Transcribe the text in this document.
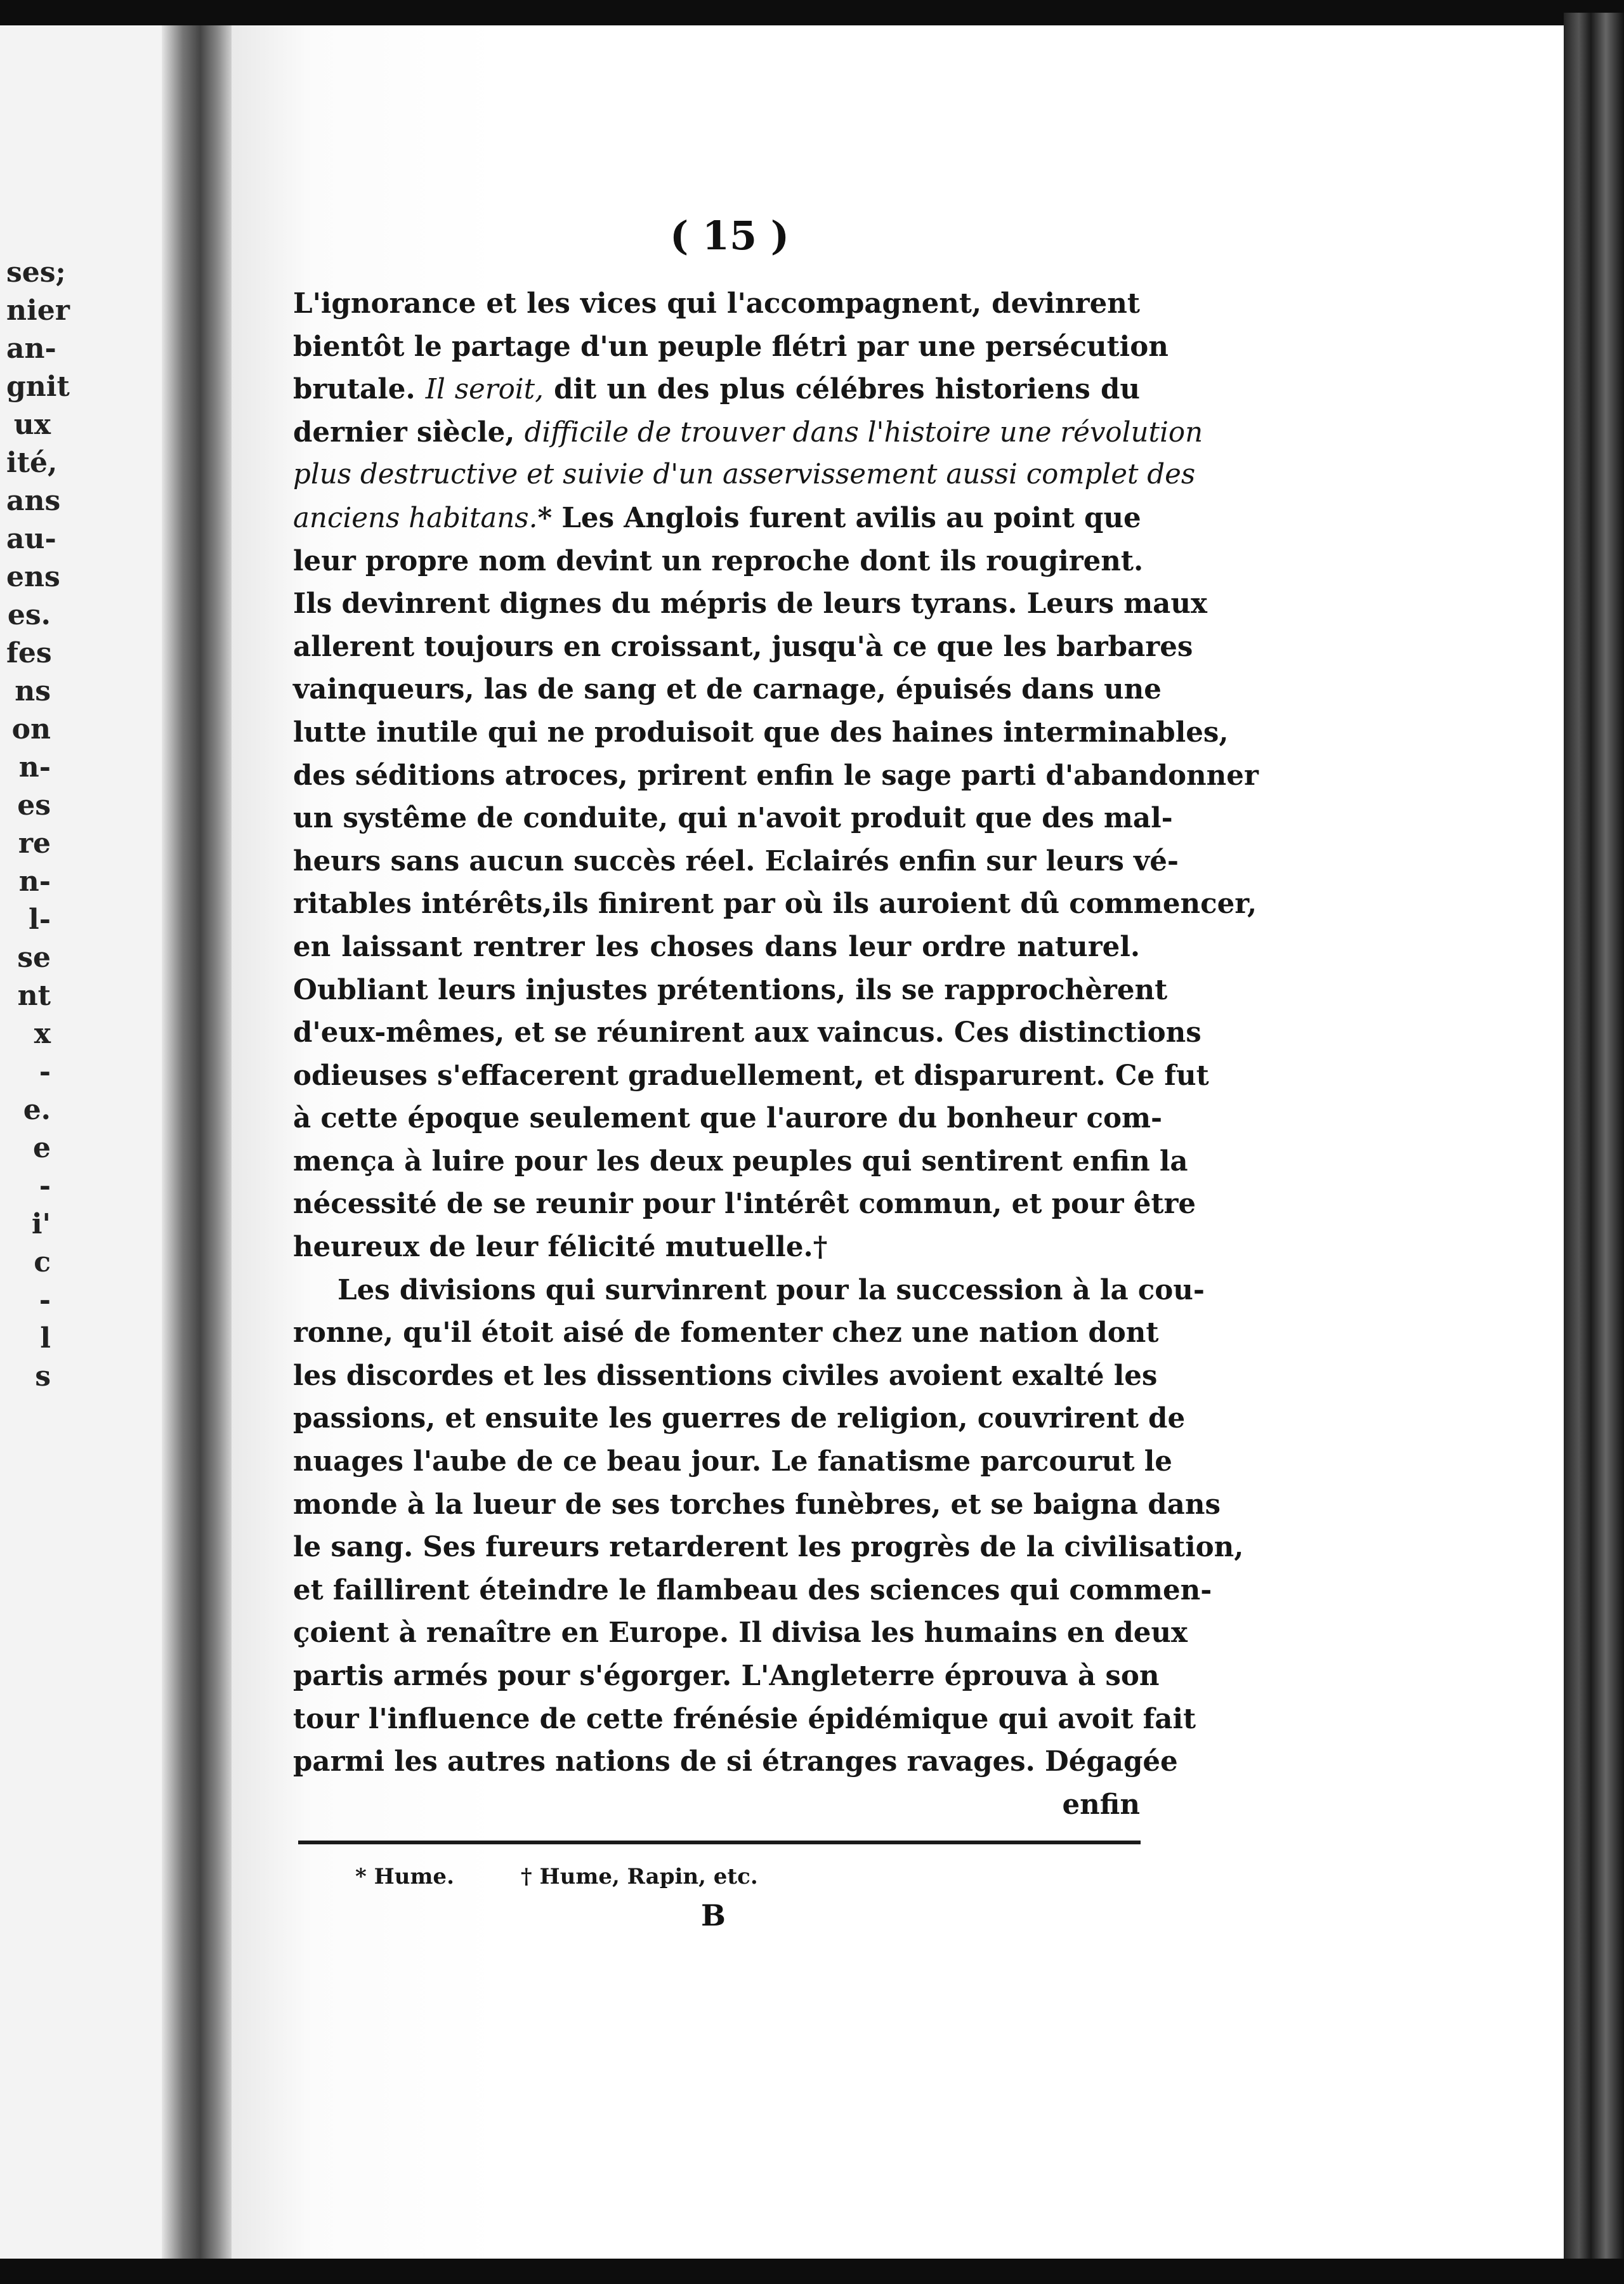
ses;
nier
an-
gnit
ux
ité,
ans
au-
ens
es.
fes
ns
on
n-
es
re
n-
l-
se
nt
x
-
e.
e
-
i'
c
-
l
s
( 15 )
L'ignorance et les vices qui l'accompagnent, devinrent
bientôt le partage d'un peuple flétri par une persécution
brutale. Il seroit, dit un des plus célébres historiens du
dernier siècle, difficile de trouver dans l'histoire une révolution
plus destructive et suivie d'un asservissement aussi complet des
anciens habitans.* Les Anglois furent avilis au point que
leur propre nom devint un reproche dont ils rougirent.
Ils devinrent dignes du mépris de leurs tyrans. Leurs maux
allerent toujours en croissant, jusqu'à ce que les barbares
vainqueurs, las de sang et de carnage, épuisés dans une
lutte inutile qui ne produisoit que des haines interminables,
des séditions atroces, prirent enfin le sage parti d'abandonner
un systême de conduite, qui n'avoit produit que des mal-
heurs sans aucun succès réel. Eclairés enfin sur leurs vé-
ritables intérêts,ils finirent par où ils auroient dû commencer,
en laissant rentrer les choses dans leur ordre naturel.
Oubliant leurs injustes prétentions, ils se rapprochèrent
d'eux-mêmes, et se réunirent aux vaincus. Ces distinctions
odieuses s'effacerent graduellement, et disparurent. Ce fut
à cette époque seulement que l'aurore du bonheur com-
mença à luire pour les deux peuples qui sentirent enfin la
nécessité de se reunir pour l'intérêt commun, et pour être
heureux de leur félicité mutuelle.†
Les divisions qui survinrent pour la succession à la cou-
ronne, qu'il étoit aisé de fomenter chez une nation dont
les discordes et les dissentions civiles avoient exalté les
passions, et ensuite les guerres de religion, couvrirent de
nuages l'aube de ce beau jour. Le fanatisme parcourut le
monde à la lueur de ses torches funèbres, et se baigna dans
le sang. Ses fureurs retarderent les progrès de la civilisation,
et faillirent éteindre le flambeau des sciences qui commen-
çoient à renaître en Europe. Il divisa les humains en deux
partis armés pour s'égorger. L'Angleterre éprouva à son
tour l'influence de cette frénésie épidémique qui avoit fait
parmi les autres nations de si étranges ravages. Dégagée
enfin
* Hume.	† Hume, Rapin, etc.
B
